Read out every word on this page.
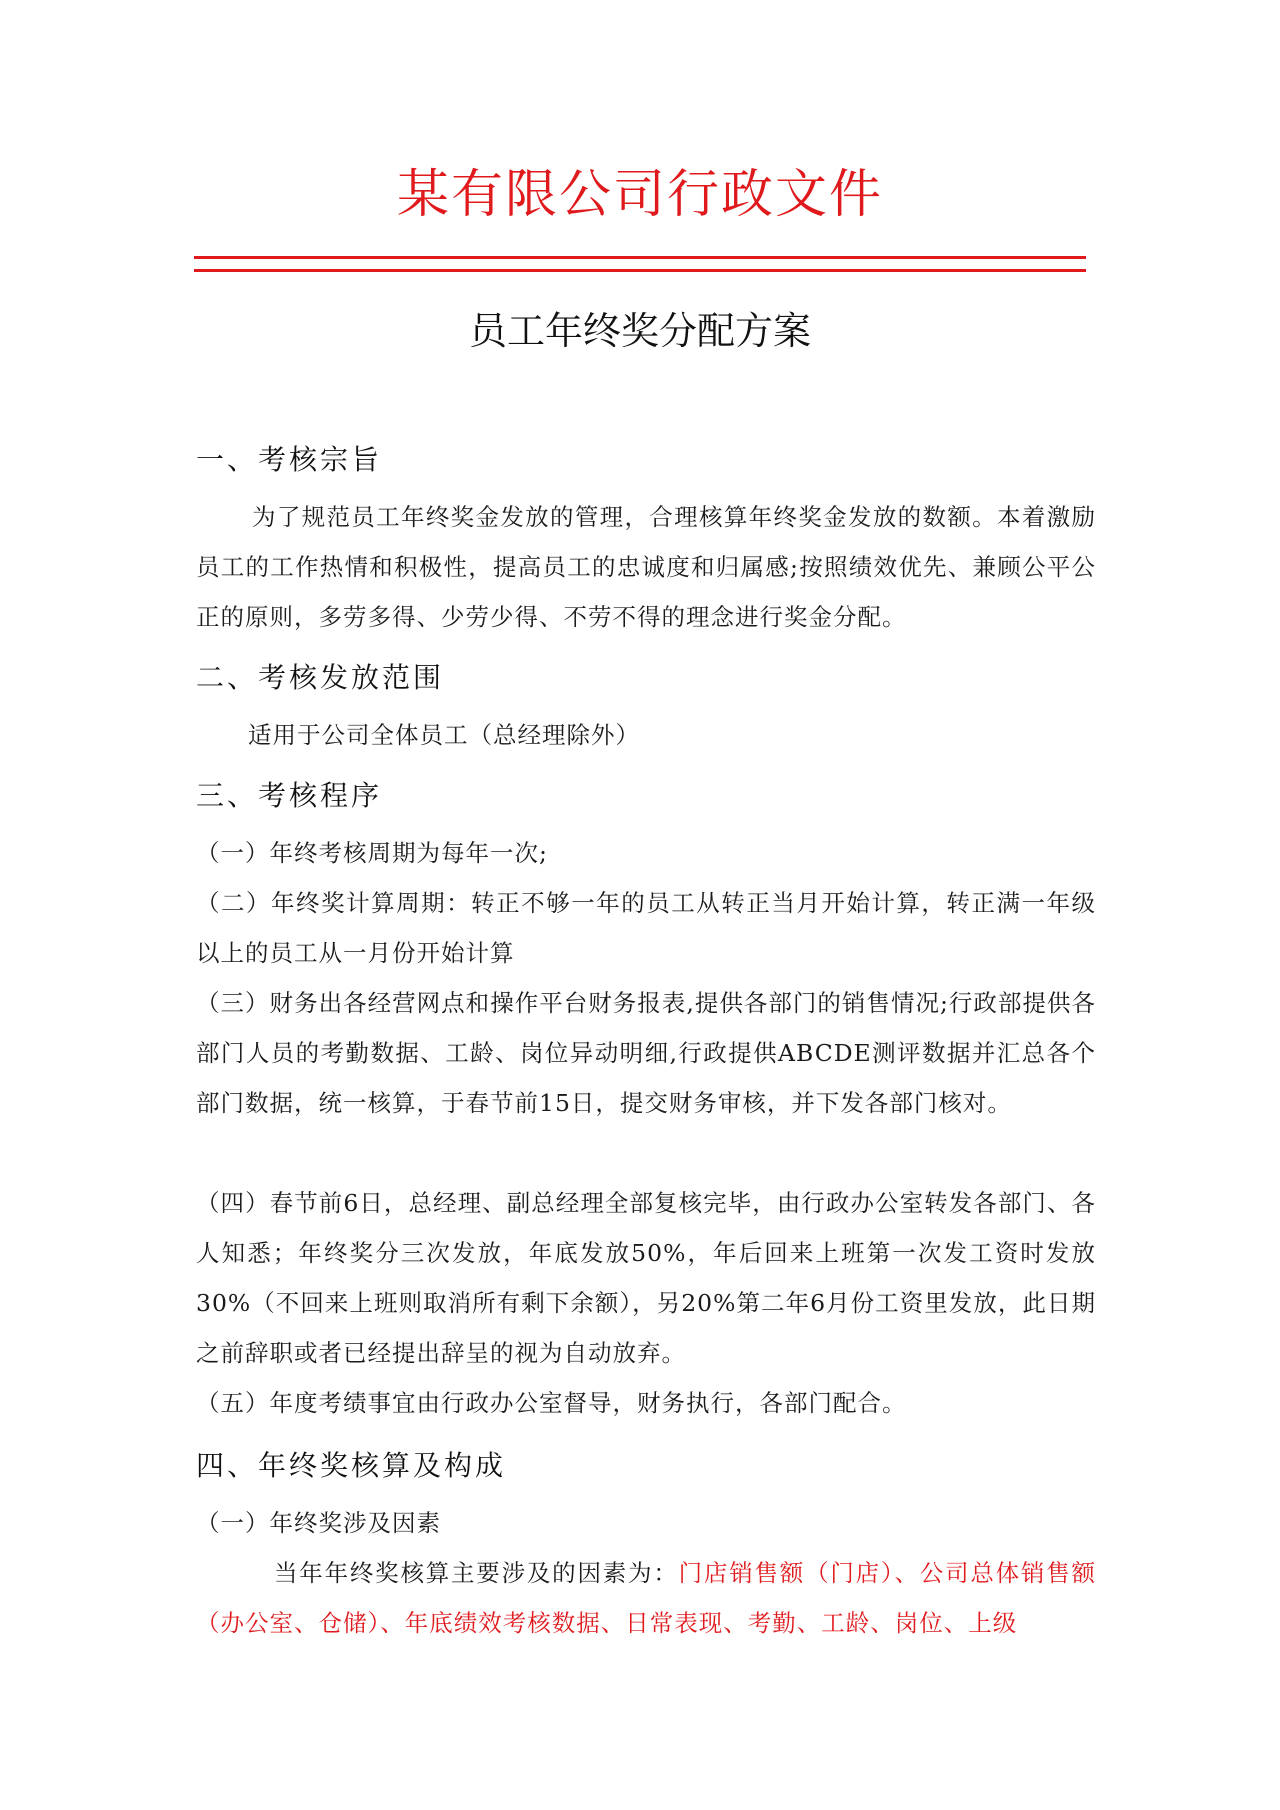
某有限公司行政文件
员工年终奖分配方案
一、考核宗旨
为了规范员工年终奖金发放的管理，合理核算年终奖金发放的数额。本着激励员工的工作热情和积极性，提高员工的忠诚度和归属感;按照绩效优先、兼顾公平公正的原则，多劳多得、少劳少得、不劳不得的理念进行奖金分配。
二、考核发放范围
适用于公司全体员工（总经理除外）
三、考核程序
（一）年终考核周期为每年一次;
（二）年终奖计算周期：转正不够一年的员工从转正当月开始计算，转正满一年级以上的员工从一月份开始计算
（三）财务出各经营网点和操作平台财务报表,提供各部门的销售情况;行政部提供各部门人员的考勤数据、工龄、岗位异动明细,行政提供ABCDE测评数据并汇总各个部门数据，统一核算，于春节前15日，提交财务审核，并下发各部门核对。
（四）春节前6日，总经理、副总经理全部复核完毕，由行政办公室转发各部门、各人知悉；年终奖分三次发放，年底发放50%，年后回来上班第一次发工资时发放30%（不回来上班则取消所有剩下余额），另20%第二年6月份工资里发放，此日期之前辞职或者已经提出辞呈的视为自动放弃。
（五）年度考绩事宜由行政办公室督导，财务执行，各部门配合。
四、年终奖核算及构成
（一）年终奖涉及因素
当年年终奖核算主要涉及的因素为：门店销售额（门店）、公司总体销售额（办公室、仓储）、年底绩效考核数据、日常表现、考勤、工龄、岗位、上级
